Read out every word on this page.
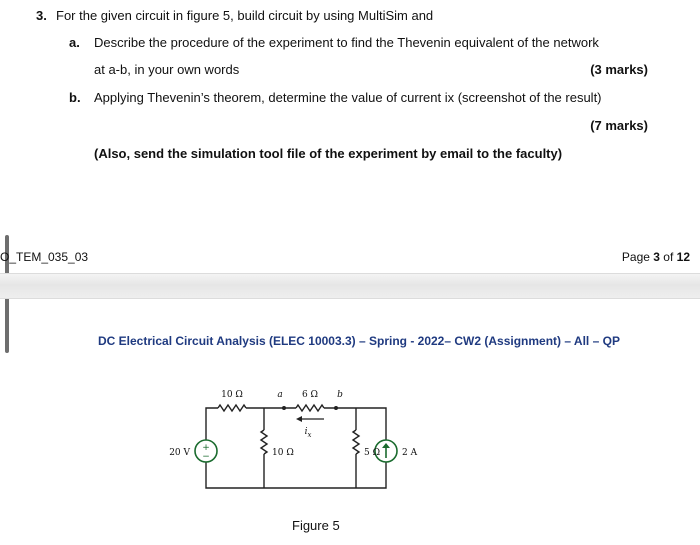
3. For the given circuit in figure 5, build circuit by using MultiSim and
a. Describe the procedure of the experiment to find the Thevenin equivalent of the network
at a-b, in your own words	(3 marks)
b. Applying Thevenin’s theorem, determine the value of current ix (screenshot of the result)
(7 marks)
(Also, send the simulation tool file of the experiment by email to the faculty)
O_TEM_035_03	Page 3 of 12
DC Electrical Circuit Analysis (ELEC 10003.3) – Spring - 2022– CW2 (Assignment) – All – QP
+
−
10 Ω	a 6 Ω b
$i_x$
20 V	10 Ω	5 Ω 2 A
Figure 5
